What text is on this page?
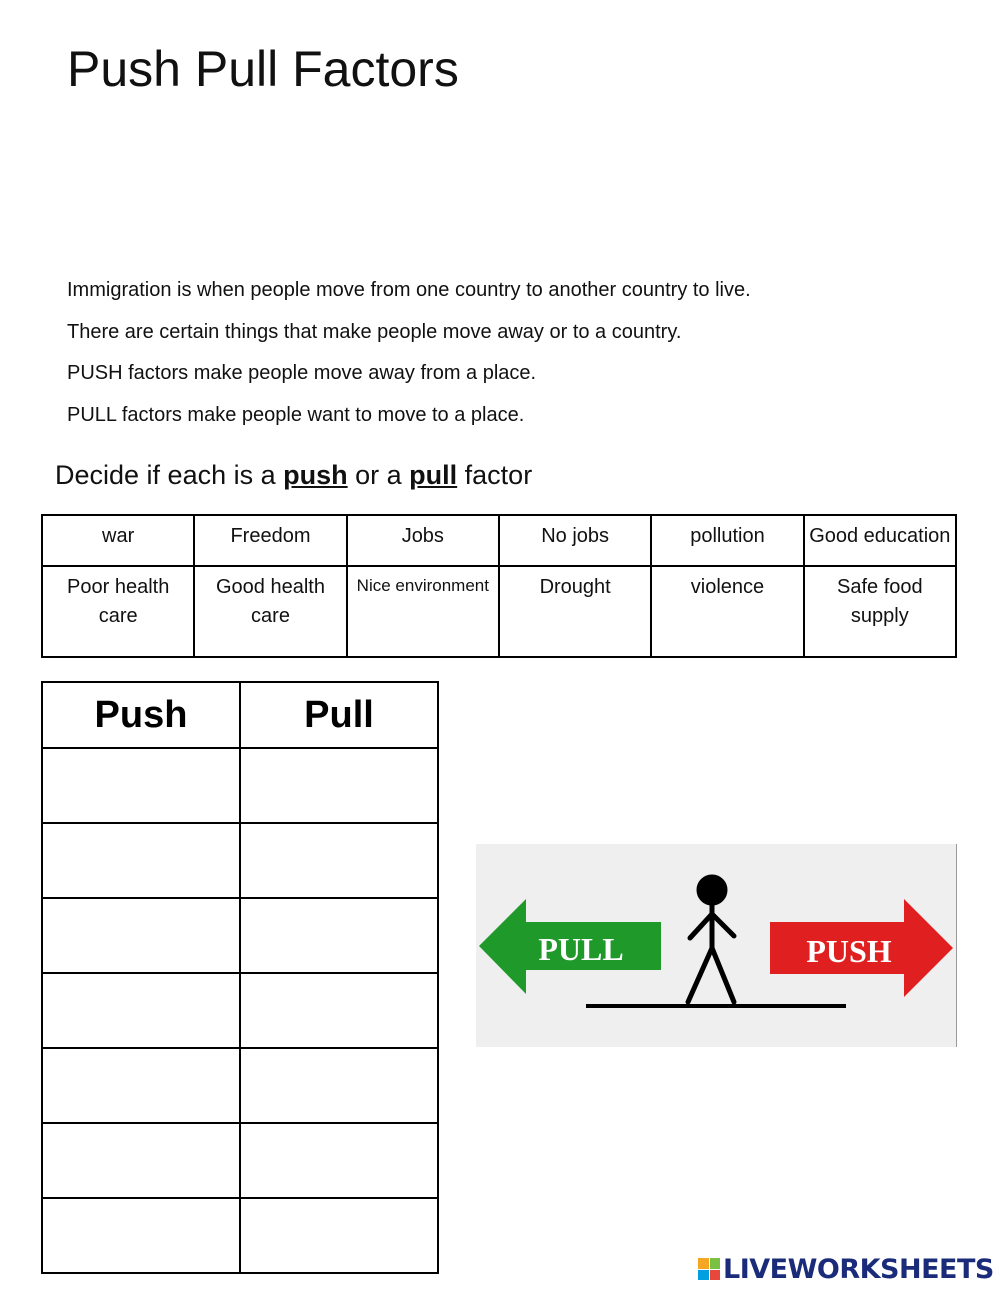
Push Pull Factors
Immigration is when people move from one country to another country to live.
There are certain things that make people move away or to a country.
PUSH factors make people move away from a place.
PULL factors make people want to move to a place.

Decide if each is a push or a pull factor

war	Freedom	Jobs	No jobs	pollution	Good education
Poor health care	Good health care	Nice environment	Drought	violence	Safe food supply
Push	Pull

PULL	PUSH
LIVEWORKSHEETS
